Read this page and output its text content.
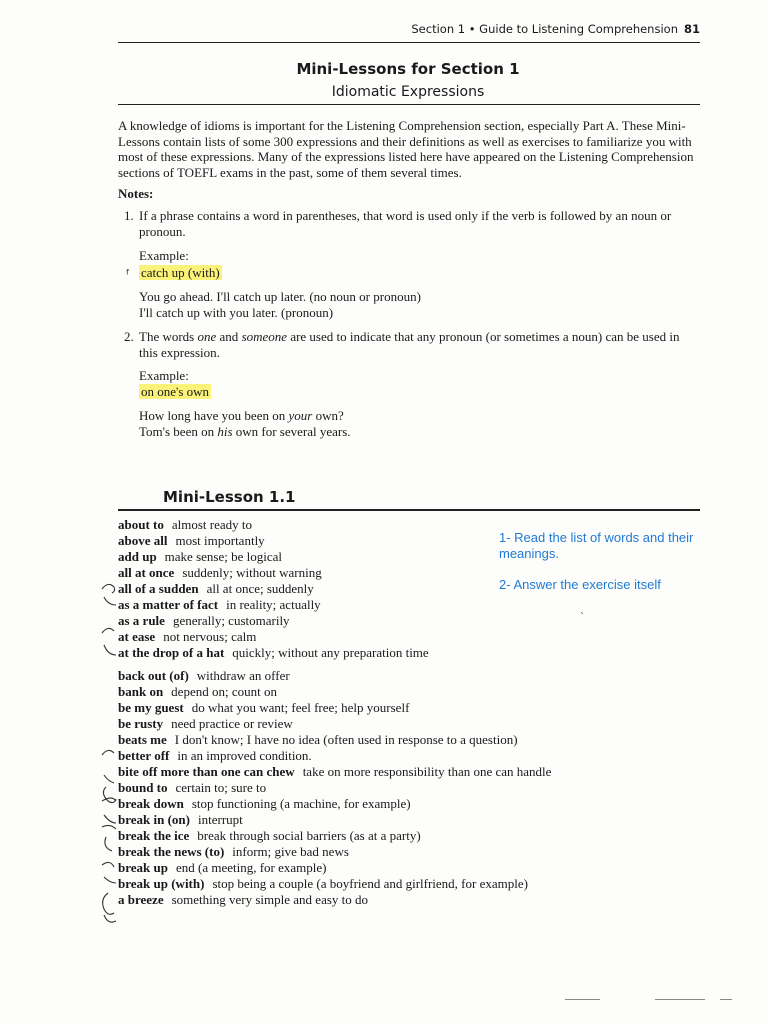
Section 1 • Guide to Listening Comprehension 81
Mini-Lessons for Section 1
Idiomatic Expressions
A knowledge of idioms is important for the Listening Comprehension section, especially Part A. These Mini-Lessons contain lists of some 300 expressions and their definitions as well as exercises to familiarize you with most of these expressions. Many of the expressions listed here have appeared on the Listening Comprehension sections of TOEFL exams in the past, some of them several times.
Notes:
1. If a phrase contains a word in parentheses, that word is used only if the verb is followed by an noun or pronoun.
Example:
ᶠ catch up (with)
You go ahead. I'll catch up later. (no noun or pronoun)
I'll catch up with you later. (pronoun)
2. The words one and someone are used to indicate that any pronoun (or sometimes a noun) can be used in this expression.
Example:
on one's own
How long have you been on your own?
Tom's been on his own for several years.
Mini-Lesson 1.1
about to almost ready to
above all most importantly
add up make sense; be logical
all at once suddenly; without warning
all of a sudden all at once; suddenly
as a matter of fact in reality; actually
as a rule generally; customarily
at ease not nervous; calm
at the drop of a hat quickly; without any preparation time
back out (of) withdraw an offer
bank on depend on; count on
be my guest do what you want; feel free; help yourself
be rusty need practice or review
beats me I don't know; I have no idea (often used in response to a question)
better off in an improved condition.
bite off more than one can chew take on more responsibility than one can handle
bound to certain to; sure to
break down stop functioning (a machine, for example)
break in (on) interrupt
break the ice break through social barriers (as at a party)
break the news (to) inform; give bad news
break up end (a meeting, for example)
break up (with) stop being a couple (a boyfriend and girlfriend, for example)
a breeze something very simple and easy to do
1- Read the list of words and their meanings.
2- Answer the exercise itself
`
